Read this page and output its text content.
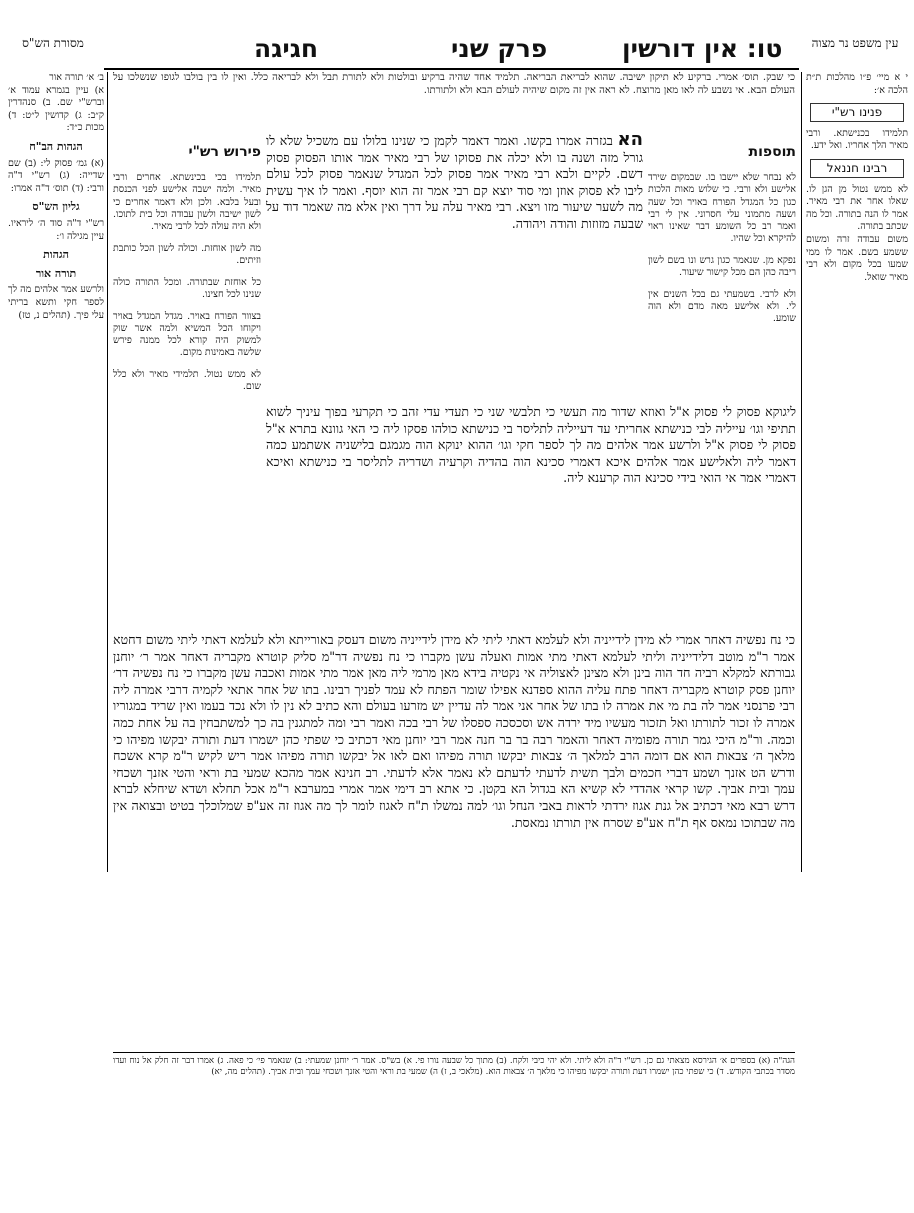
מסורת הש"ס	חגיגה	פרק שני	טו: אין דורשין	עין משפט נר מצוה

ב׳ א׳ תורה אור

א) עיין בגמרא עמוד א׳ וברש"י שם. ב) סנהדרין ק״ב: ג) קדושין ל״ט: ד) מכות כ״ד:

הגהות הב"ח

(א) גמ׳ פסוק לי: (ב) שם שדייה: (ג) רש"י ד"ה ורבי: (ד) תוס׳ ד"ה אמרו:

גליון הש"ס

רש"י ד"ה סוד ה׳ ליראיו. עיין מגילה ו׳:

הגהות
תורה אור

ולרשע אמר אלהים מה לך לספר חקי ותשא בריתי עלי פיך. (תהלים נ, טז)

י א מיי׳ פ״ו מהלכות ת״ת הלכה א׳:

פנינו רש"י

תלמידו בכנישתא. ורבי מאיר הלך אחריו. ואל ידע.

רבינו חננאל

לא ממש נטול מן הגן לו. שאלו אחר את רבי מאיר. אמר לו הנה בתורה. וכל מה שכתב בתורה.

משום עבודה זרה ומשום ששמע בשם. אמר לו ממי שמעו בכל מקום ולא רבי מאיר שואל.

כי שבק. תוס׳ אמרי. ברקיע לא תיקון ישיבה. שהוא לבריאת הבריאה. תלמיד אחד שהיה ברקיע ובולטות ולא לתורת תבל ולא לבריאה כלל. ואין לו בין בולבו לגופו שנשלכו על העולם הבא. אי נשבע לה לאו מאן מרוצח. לא ראה אין זה מקום שיהיה לעולם הבא ולא ולתורתו.

תוספות

לא נבחר שלא יישבו בו. שבמקום שירד אלישע ולא ורבי. כי שלוש מאות הלכות כגון כל המגדל הפורח באויר וכל שעה ושעה מתמוני עלי חסרוני. אין לי רבי ואמר רב כל השומע דבר שאינו ראוי להיקרא וכל שהיו.

נפקא מן. שנאמר כגון גרש ונו בשם לשון ריבה כהן הם מכל קישור שיעור.

ולא לרבי. בשמעתי גם בכל השנים אין לי. ולא אלישע מאה מדם ולא הוה שומע.

פירוש רש"י

תלמידו בכי בכינשתא. אחרים ורבי מאיר. ולמה ישבה אלישע לפני הכנסת ובעל בלבא. ולכן ולא דאמר אחרים כי לשון ישיבה ולשון עבודה וכל בית לתוכו. ולא היה עולה לכל לרבי מאיר.

מה לשון אוחזת. וכולה לשון הכל כותבת וזיתים.

כל אוחזת שבתורה. ומכל התורה כולה שנינו לכל חצינו.

בצוור הפורח באויר. מגדל המגדל באויר ויקוחו הכל המשיא ולמה אשר שוק למשוק היה קורא לכל ממנה פירש שלשה באמינות מקום.

לא ממש נטול. תלמידי מאיר ולא כלל שום.

הא בגזרה אמרו בקשו. ואמר דאמר לקמן כי שנינו בלולו עם משכיל שלא לו גורל מזה ושנה בו ולא יכלה את פסוקו של רבי מאיר אמר אותו הפסוק פסוק דשם. לקיים ולבא רבי מאיר אמר פסוק לכל המגדל שנאמר פסוק לכל עולם ליבו לא פסוק אוזן ומי סוד יוצא קם רבי אמר זה הוא יוסף. ואמר לו איך עשית מה לשער שיעור מזו ויצא. רבי מאיר עלה על דרך ואין אלא מה שאמר דוד על שבעה מזוזות והודה ויהודה.
ליגוקא פסוק לי פסוק א"ל ואוזא שדור מה תעשי כי תלבשי שני כי תעדי עדי זהב כי תקרעי בפוך עיניך לשוא תתיפי וגו׳ עייליה לבי כנישתא אחריתי עד דעייליה לתליסר בי כנישתא כולהו פסקו ליה כי האי גוונא בתרא א"ל פסוק לי פסוק א"ל ולרשע אמר אלהים מה לך לספר חקי וגו׳ ההוא ינוקא הוה מגמגם בלישניה אשתמע כמה דאמר ליה ולאלישע אמר אלהים איכא דאמרי סכינא הוה בהדיה וקרעיה ושדריה לתליסר בי כנישתא ואיכא דאמרי אמר אי הואי בידי סכינא הוה קרענא ליה.
כי נח נפשיה דאחר אמרי לא מידן לידייניה ולא לעלמא דאתי ליתי לא מידן לידייניה משום דעסק באורייתא ולא לעלמא דאתי ליתי משום דחטא אמר ר"מ מוטב דלידייניה וליתי לעלמא דאתי מתי אמות ואעלה עשן מקברו כי נח נפשיה דר"מ סליק קוטרא מקבריה דאחר אמר ר׳ יוחנן גבורתא למקלא רביה חד הוה בינן ולא מצינן לאצוליה אי נקטיה בידא מאן מרמי ליה מאן אמר מתי אמות ואכבה עשן מקברו כי נח נפשיה דר׳ יוחנן פסק קוטרא מקבריה דאחר פתח עליה ההוא ספדנא אפילו שומר הפתח לא עמד לפניך רבינו. בתו של אחר אתאי לקמיה דרבי אמרה ליה רבי פרנסני אמר לה בת מי את אמרה לו בתו של אחר אני אמר לה עדיין יש מזרעו בעולם והא כתיב לא נין לו ולא נכד בעמו ואין שריד במגוריו אמרה לו זכור לתורתו ואל תזכור מעשיו מיד ירדה אש וסכסכה ספסלו של רבי בכה ואמר רבי ומה למתגנין בה כך למשתבחין בה על אחת כמה וכמה. ור"מ היכי גמר תורה מפומיה דאחר והאמר רבה בר בר חנה אמר רבי יוחנן מאי דכתיב כי שפתי כהן ישמרו דעת ותורה יבקשו מפיהו כי מלאך ה׳ צבאות הוא אם דומה הרב למלאך ה׳ צבאות יבקשו תורה מפיהו ואם לאו אל יבקשו תורה מפיהו אמר ריש לקיש ר"מ קרא אשכח ודרש הט אזנך ושמע דברי חכמים ולבך תשית לדעתי לדעתם לא נאמר אלא לדעתי. רב חנינא אמר מהכא שמעי בת וראי והטי אזנך ושכחי עמך ובית אביך. קשו קראי אהדדי לא קשיא הא בגדול הא בקטן. כי אתא רב דימי אמר אמרי במערבא ר"מ אכל תחלא ושדא שיחלא לברא דרש רבא מאי דכתיב אל גנת אגוז ירדתי לראות באבי הנחל וגו׳ למה נמשלו ת"ח לאגוז לומר לך מה אגוז זה אע"פ שמלוכלך בטיט ובצואה אין מה שבתוכו נמאס אף ת"ח אע"פ שסרח אין תורתו נמאסת.
הגה"ה (א) בספרים א׳ הגירסא מצאתי גם כן. רש"י ד"ה ולא ליתי. ולא יהי כיבי ולקח. (ב) מתוך כל שבעה נורו פי. א) בש"ס. אמר ר׳ יוחנן שמעתי: ב) שנאמר פי׳ כי פאה. ג) אמרו דבר זה חלק אל נוח ועדו מסדר בכתבי הקודש. ד) כי שפתי כהן ישמרו דעת ותורה יבקשו מפיהו כי מלאך ה׳ צבאות הוא. (מלאכי ב, ז) ה) שמעי בת וראי והטי אזנך ושכחי עמך ובית אביך. (תהלים מה, יא)
